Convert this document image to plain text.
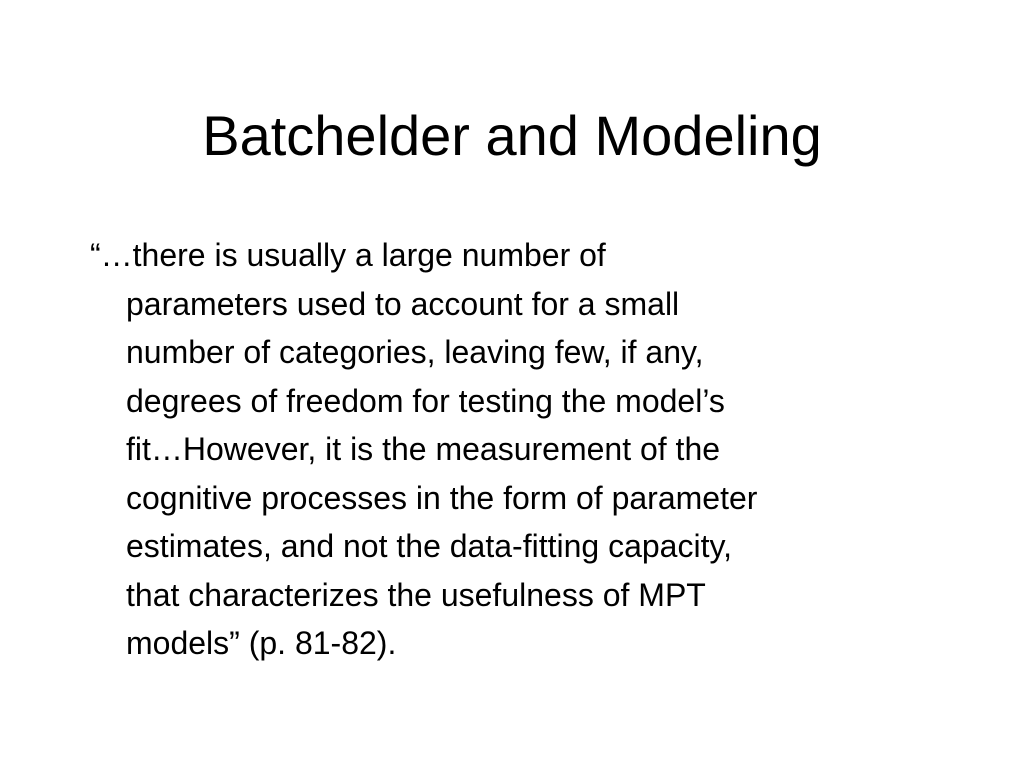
Batchelder and Modeling

“…there is usually a large number of

parameters used to account for a small

number of categories, leaving few, if any,

degrees of freedom for testing the model’s

fit…However, it is the measurement of the

cognitive processes in the form of parameter

estimates, and not the data-fitting capacity,

that characterizes the usefulness of MPT

models” (p. 81-82).
